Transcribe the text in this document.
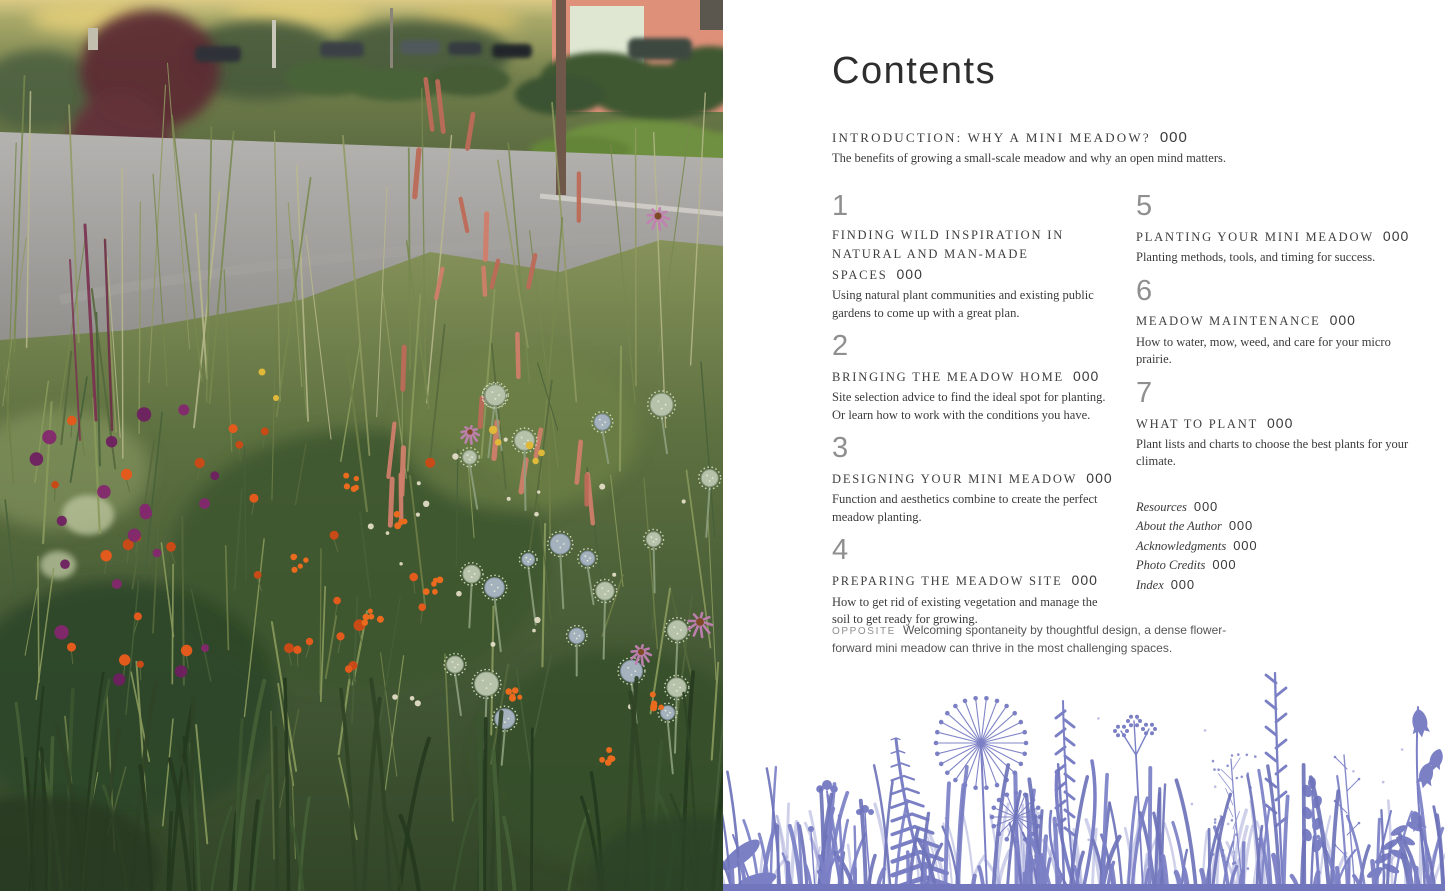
Contents
INTRODUCTION: WHY A MINI MEADOW? 000
The benefits of growing a small-scale meadow and why an open mind matters.
1
FINDING WILD INSPIRATION IN NATURAL AND MAN-MADE SPACES 000
Using natural plant communities and existing public gardens to come up with a great plan.
2
BRINGING THE MEADOW HOME 000
Site selection advice to find the ideal spot for planting. Or learn how to work with the conditions you have.
3
DESIGNING YOUR MINI MEADOW 000
Function and aesthetics combine to create the perfect meadow planting.
4
PREPARING THE MEADOW SITE 000
How to get rid of existing vegetation and manage the soil to get ready for growing.
5
PLANTING YOUR MINI MEADOW 000
Planting methods, tools, and timing for success.
6
MEADOW MAINTENANCE 000
How to water, mow, weed, and care for your micro prairie.
7
WHAT TO PLANT 000
Plant lists and charts to choose the best plants for your climate.
Resources 000
About the Author 000
Acknowledgments 000
Photo Credits 000
Index 000
OPPOSITE Welcoming spontaneity by thoughtful design, a dense flower-forward mini meadow can thrive in the most challenging spaces.
